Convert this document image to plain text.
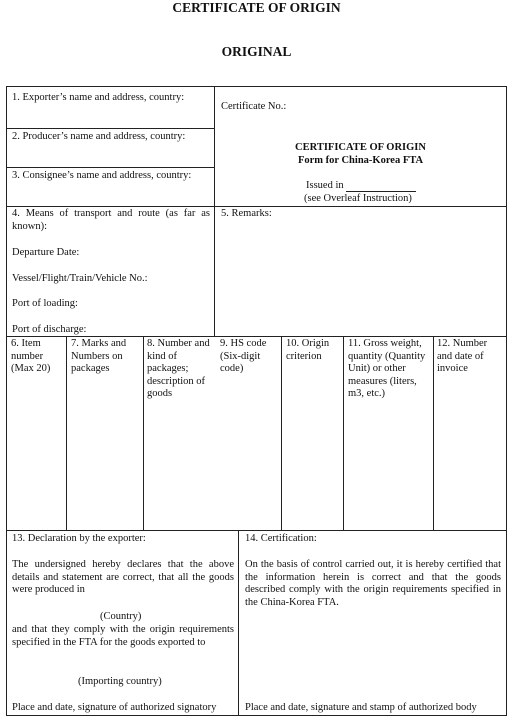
CERTIFICATE OF ORIGIN
ORIGINAL
1. Exporter’s name and address, country:
2. Producer’s name and address, country:
3. Consignee’s name and address, country:
Certificate No.:
CERTIFICATE OF ORIGIN
Form for China-Korea FTA
Issued in
(see Overleaf Instruction)
4. Means of transport and route (as far as known):
Departure Date:
Vessel/Flight/Train/Vehicle No.:
Port of loading:
Port of discharge:
5. Remarks:
6. Item number (Max 20)
7. Marks and Numbers on packages
8. Number and kind of packages; description of goods
9. HS code (Six-digit code)
10. Origin criterion
11. Gross weight, quantity (Quantity Unit) or other measures (liters, m3, etc.)
12. Number and date of invoice
13. Declaration by the exporter:
The undersigned hereby declares that the above details and statement are correct, that all the goods were produced in
(Country)
and that they comply with the origin requirements specified in the FTA for the goods exported to
(Importing country)
Place and date, signature of authorized signatory
14. Certification:
On the basis of control carried out, it is hereby certified that the information herein is correct and that the goods described comply with the origin requirements specified in the China-Korea FTA.
Place and date, signature and stamp of authorized body
